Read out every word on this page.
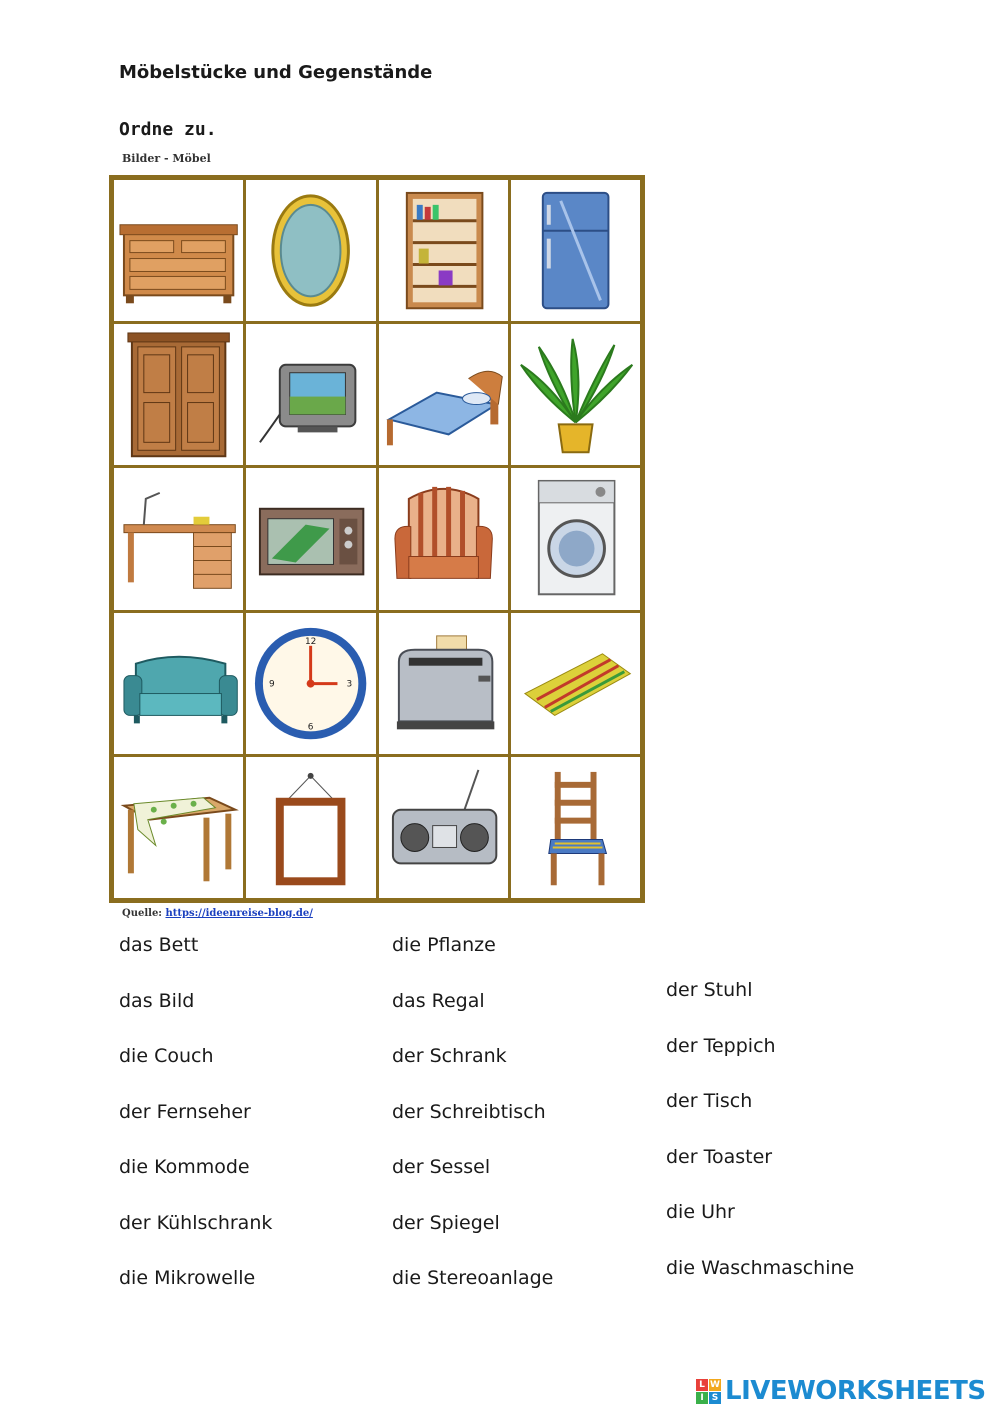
Möbelstücke und Gegenstände
Ordne zu.
Bilder - Möbel
12
3
6
9
Quelle: https://ideenreise-blog.de/
das Bett
das Bild
die Couch
der Fernseher
die Kommode
der Kühlschrank
die Mikrowelle
die Pflanze
das Regal
der Schrank
der Schreibtisch
der Sessel
der Spiegel
die Stereoanlage
der Stuhl
der Teppich
der Tisch
der Toaster
die Uhr
die Waschmaschine
L W
I S LIVEWORKSHEETS
